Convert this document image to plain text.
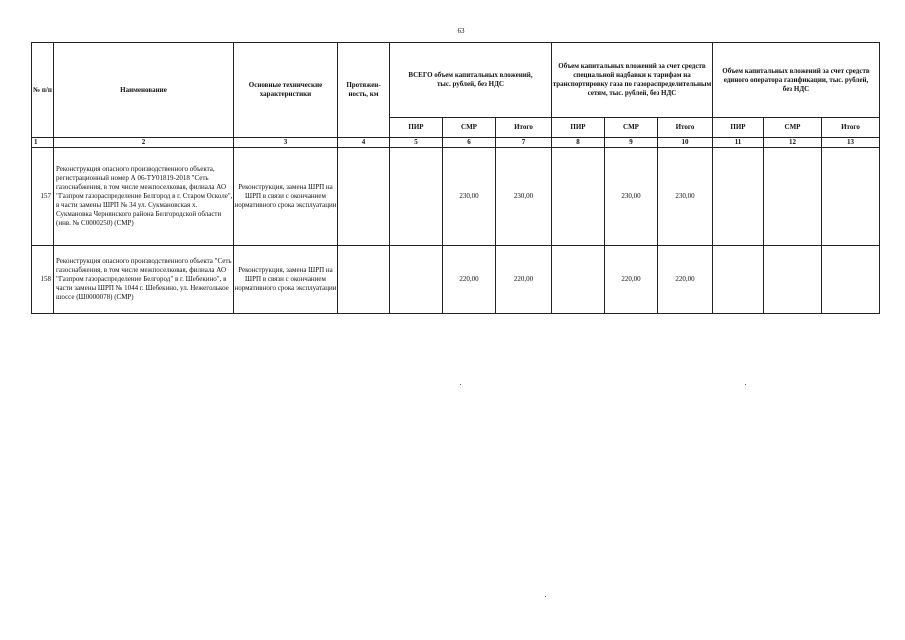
63
№ п/п	Наименование	Основные технические характеристики	Протяжен-ность, км	ВСЕГО объем капитальных вложений, тыс. рублей, без НДС			Объем капитальных вложений за счет средств специальной надбавки к тарифам на транспортировку газа по газораспределительным сетям, тыс. рублей, без НДС			Объем капитальных вложений за счет средств единого оператора газификации, тыс. рублей, без НДС		
				ПИР	СМР	Итого	ПИР	СМР	Итого	ПИР	СМР	Итого
1	2	3	4	5	6	7	8	9	10	11	12	13
157	Реконструкция опасного производственного объекта, регистрационный номер А 06-ТУ01819-2018 "Сеть газоснабжения, в том числе межпоселковая, филиала АО "Газпром газораспределение Белгород в г. Старом Осколе", в части замены ШРП № 34 ул. Сукмановская х. Сукмановка Чернянского района Белгородской области (инв. № С0000250) (СМР)	Реконструкция, замена ШРП на ШРП в связи с окончанием нормативного срока эксплуатации			230,00	230,00		230,00	230,00			
158	Реконструкция опасного производственного объекта "Сеть газоснабжения, в том числе межпоселковая, филиала АО "Газпром газораспределение Белгород" в г. Шебекино", в части замены ШРП № 1044 г. Шебекино, ул. Нежеголькое шоссе (Ш0000078) (СМР)	Реконструкция, замена ШРП на ШРП в связи с окончанием нормативного срока эксплуатации			220,00	220,00		220,00	220,00			
